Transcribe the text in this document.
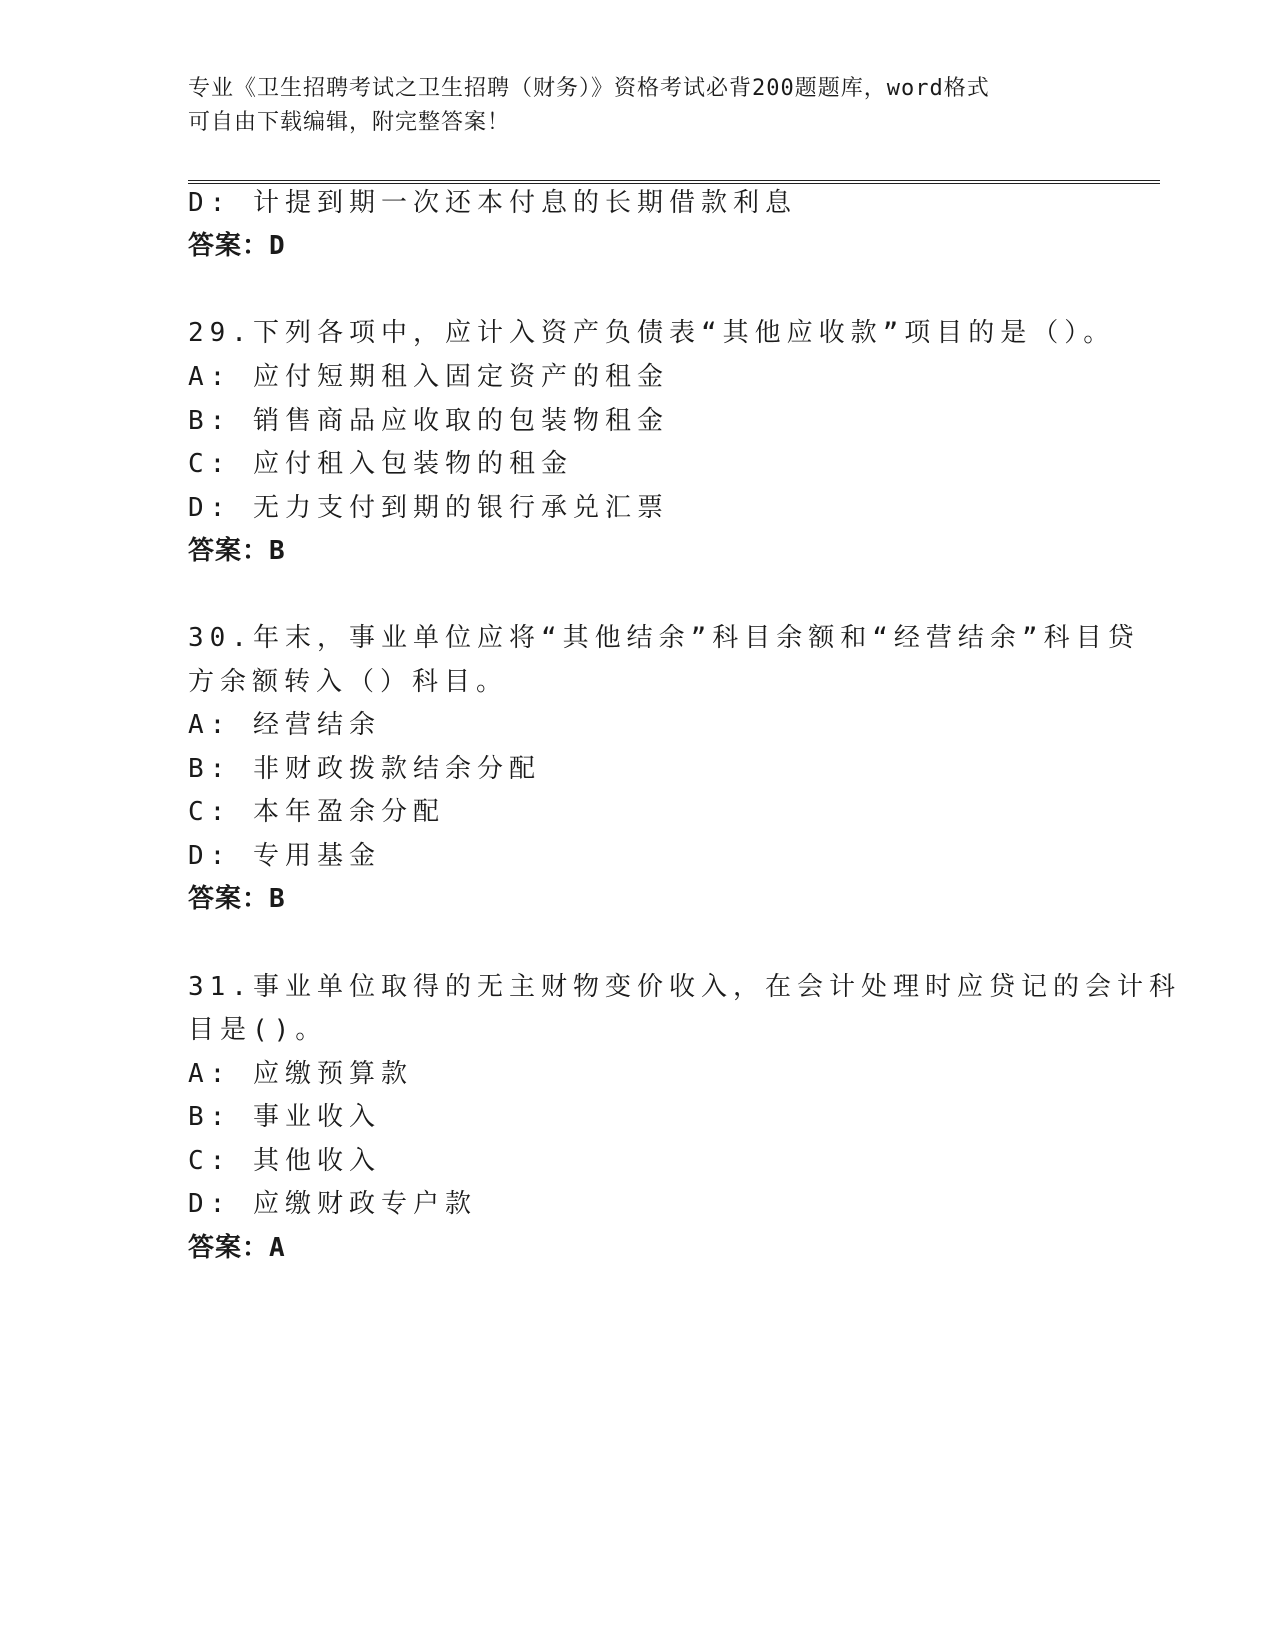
专业《卫生招聘考试之卫生招聘（财务）》资格考试必背200题题库，word格式
可自由下载编辑，附完整答案！
D: 计提到期一次还本付息的长期借款利息
答案：D
29.下列各项中，应计入资产负债表“其他应收款”项目的是（）。
A: 应付短期租入固定资产的租金
B: 销售商品应收取的包装物租金
C: 应付租入包装物的租金
D: 无力支付到期的银行承兑汇票
答案：B
30.年末，事业单位应将“其他结余”科目余额和“经营结余”科目贷
方余额转入（）科目。
A: 经营结余
B: 非财政拨款结余分配
C: 本年盈余分配
D: 专用基金
答案：B
31.事业单位取得的无主财物变价收入，在会计处理时应贷记的会计科
目是()。
A: 应缴预算款
B: 事业收入
C: 其他收入
D: 应缴财政专户款
答案：A
